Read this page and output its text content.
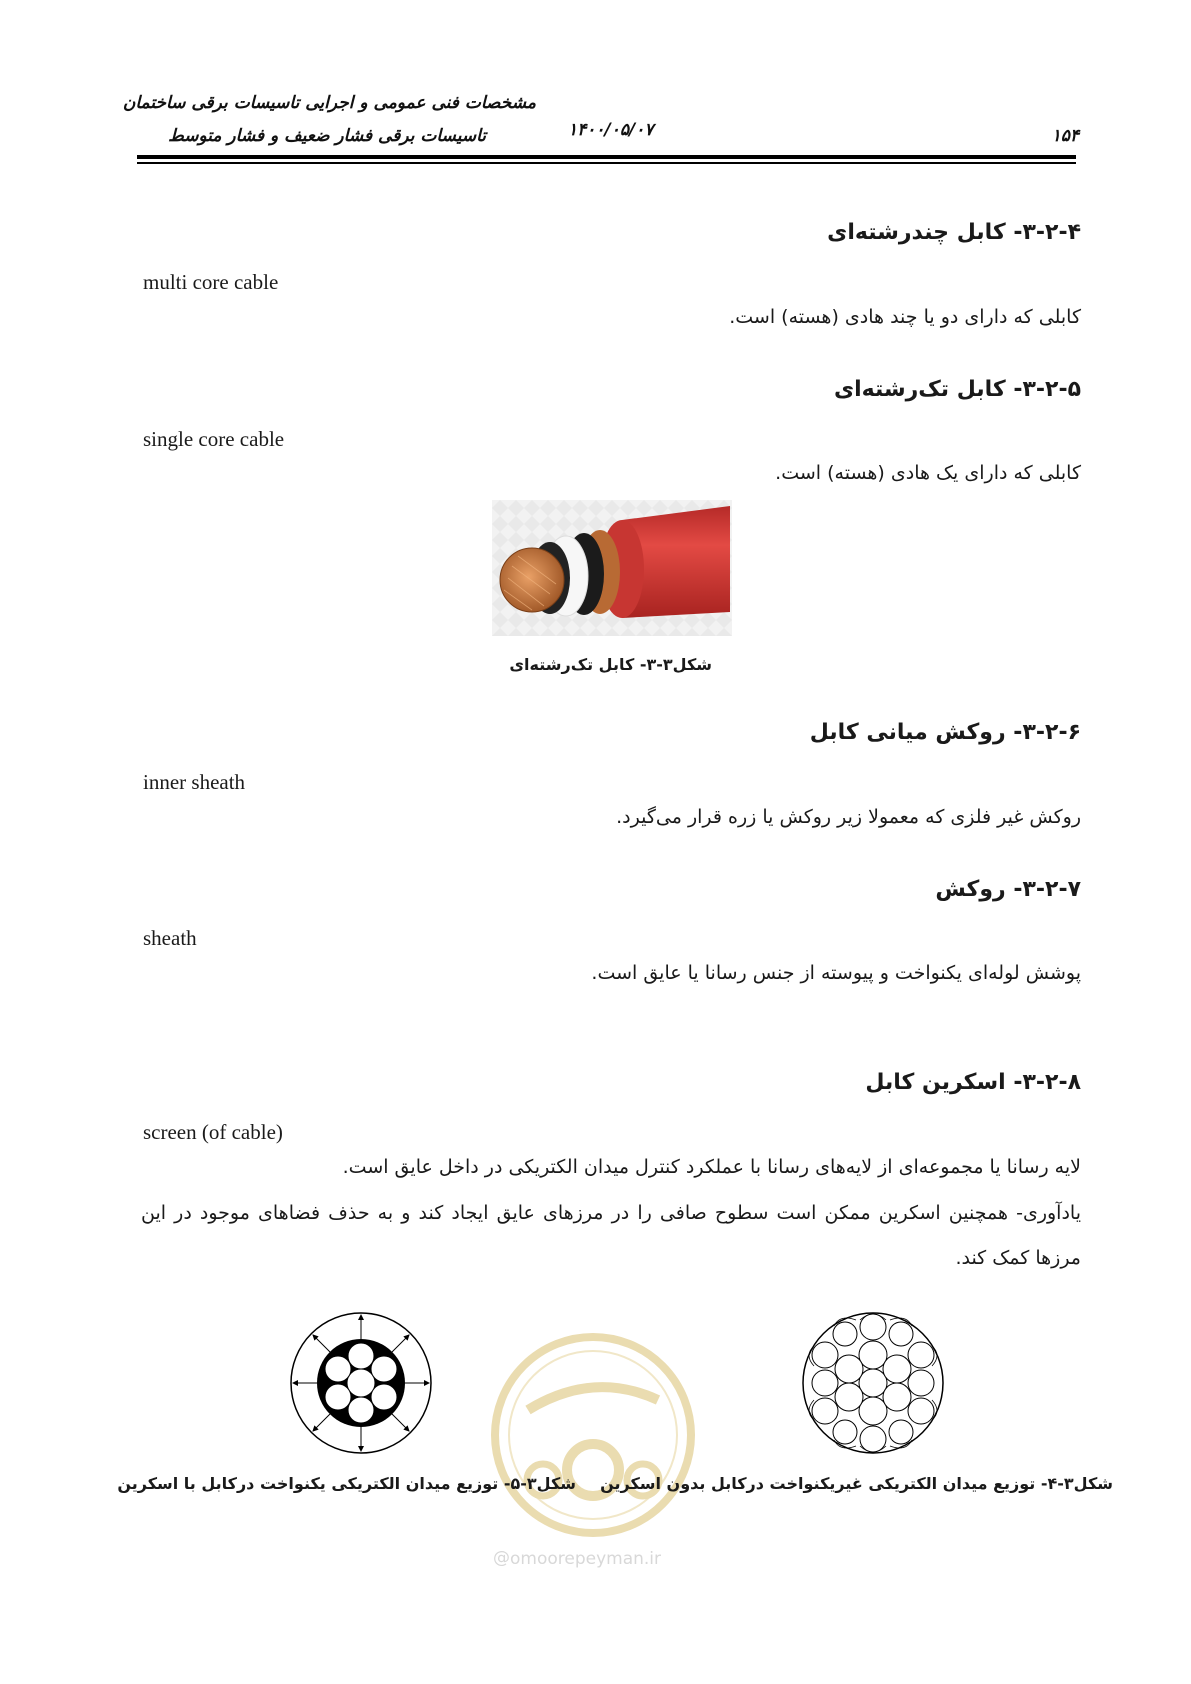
مشخصات فنی عمومی و اجرایی تاسیسات برقی ساختمان
تاسیسات برقی فشار ضعیف و فشار متوسط	۱۴۰۰/۰۵/۰۷	۱۵۴
۳-۲-۴- کابل چندرشته‌ای
multi core cable
کابلی که دارای دو یا چند هادی (هسته) است.
۳-۲-۵- کابل تک‌رشته‌ای
single core cable
کابلی که دارای یک هادی (هسته) است.
شکل۳-۳- کابل تک‌رشته‌ای
۳-۲-۶- روکش میانی کابل
inner sheath
روکش غیر فلزی که معمولا زیر روکش یا زره قرار می‌گیرد.
۳-۲-۷- روکش
sheath
پوشش لوله‌ای یکنواخت و پیوسته از جنس رسانا یا عایق است.
۳-۲-۸- اسکرین کابل
screen (of cable)
لایه رسانا یا مجموعه‌ای از لایه‌های رسانا با عملکرد کنترل میدان الکتریکی در داخل عایق است.
یادآوری- همچنین اسکرین ممکن است سطوح صافی را در مرزهای عایق ایجاد کند و به حذف فضاهای موجود در این مرزها کمک کند.
omoorepeyman.ir
@
شکل۳-۵- توزیع میدان الکتریکی یکنواخت درکابل با اسکرین شکل۳-۴- توزیع میدان الکتریکی غیریکنواخت درکابل بدون اسکرین
